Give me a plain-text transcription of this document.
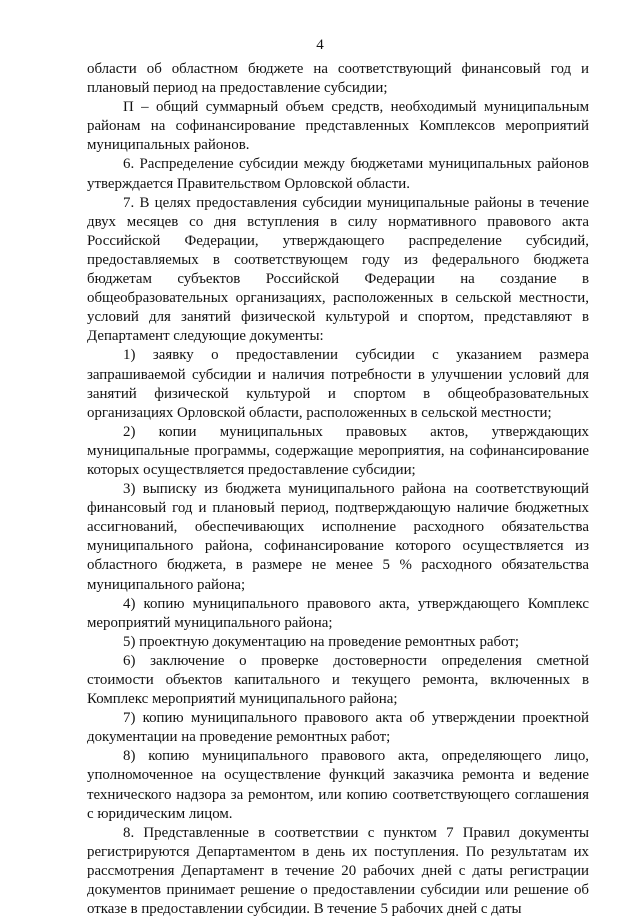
4

области об областном бюджете на соответствующий финансовый год и плановый период на предоставление субсидии;

П – общий суммарный объем средств, необходимый муниципальным районам на софинансирование представленных Комплексов мероприятий муниципальных районов.

6. Распределение субсидии между бюджетами муниципальных районов утверждается Правительством Орловской области.

7. В целях предоставления субсидии муниципальные районы в течение двух месяцев со дня вступления в силу нормативного правового акта Российской Федерации, утверждающего распределение субсидий, предоставляемых в соответствующем году из федерального бюджета бюджетам субъектов Российской Федерации на создание в общеобразовательных организациях, расположенных в сельской местности, условий для занятий физической культурой и спортом, представляют в Департамент следующие документы:

1) заявку о предоставлении субсидии с указанием размера запрашиваемой субсидии и наличия потребности в улучшении условий для занятий физической культурой и спортом в общеобразовательных организациях Орловской области, расположенных в сельской местности;

2) копии муниципальных правовых актов, утверждающих муниципальные программы, содержащие мероприятия, на софинансирование которых осуществляется предоставление субсидии;

3) выписку из бюджета муниципального района на соответствующий финансовый год и плановый период, подтверждающую наличие бюджетных ассигнований, обеспечивающих исполнение расходного обязательства муниципального района, софинансирование которого осуществляется из областного бюджета, в размере не менее 5 % расходного обязательства муниципального района;

4) копию муниципального правового акта, утверждающего Комплекс мероприятий муниципального района;

5) проектную документацию на проведение ремонтных работ;

6) заключение о проверке достоверности определения сметной стоимости объектов капитального и текущего ремонта, включенных в Комплекс мероприятий муниципального района;

7) копию муниципального правового акта об утверждении проектной документации на проведение ремонтных работ;

8) копию муниципального правового акта, определяющего лицо, уполномоченное на осуществление функций заказчика ремонта и ведение технического надзора за ремонтом, или копию соответствующего соглашения с юридическим лицом.

8. Представленные в соответствии с пунктом 7 Правил документы регистрируются Департаментом в день их поступления. По результатам их рассмотрения Департамент в течение 20 рабочих дней с даты регистрации документов принимает решение о предоставлении субсидии или решение об отказе в предоставлении субсидии. В течение 5 рабочих дней с даты
